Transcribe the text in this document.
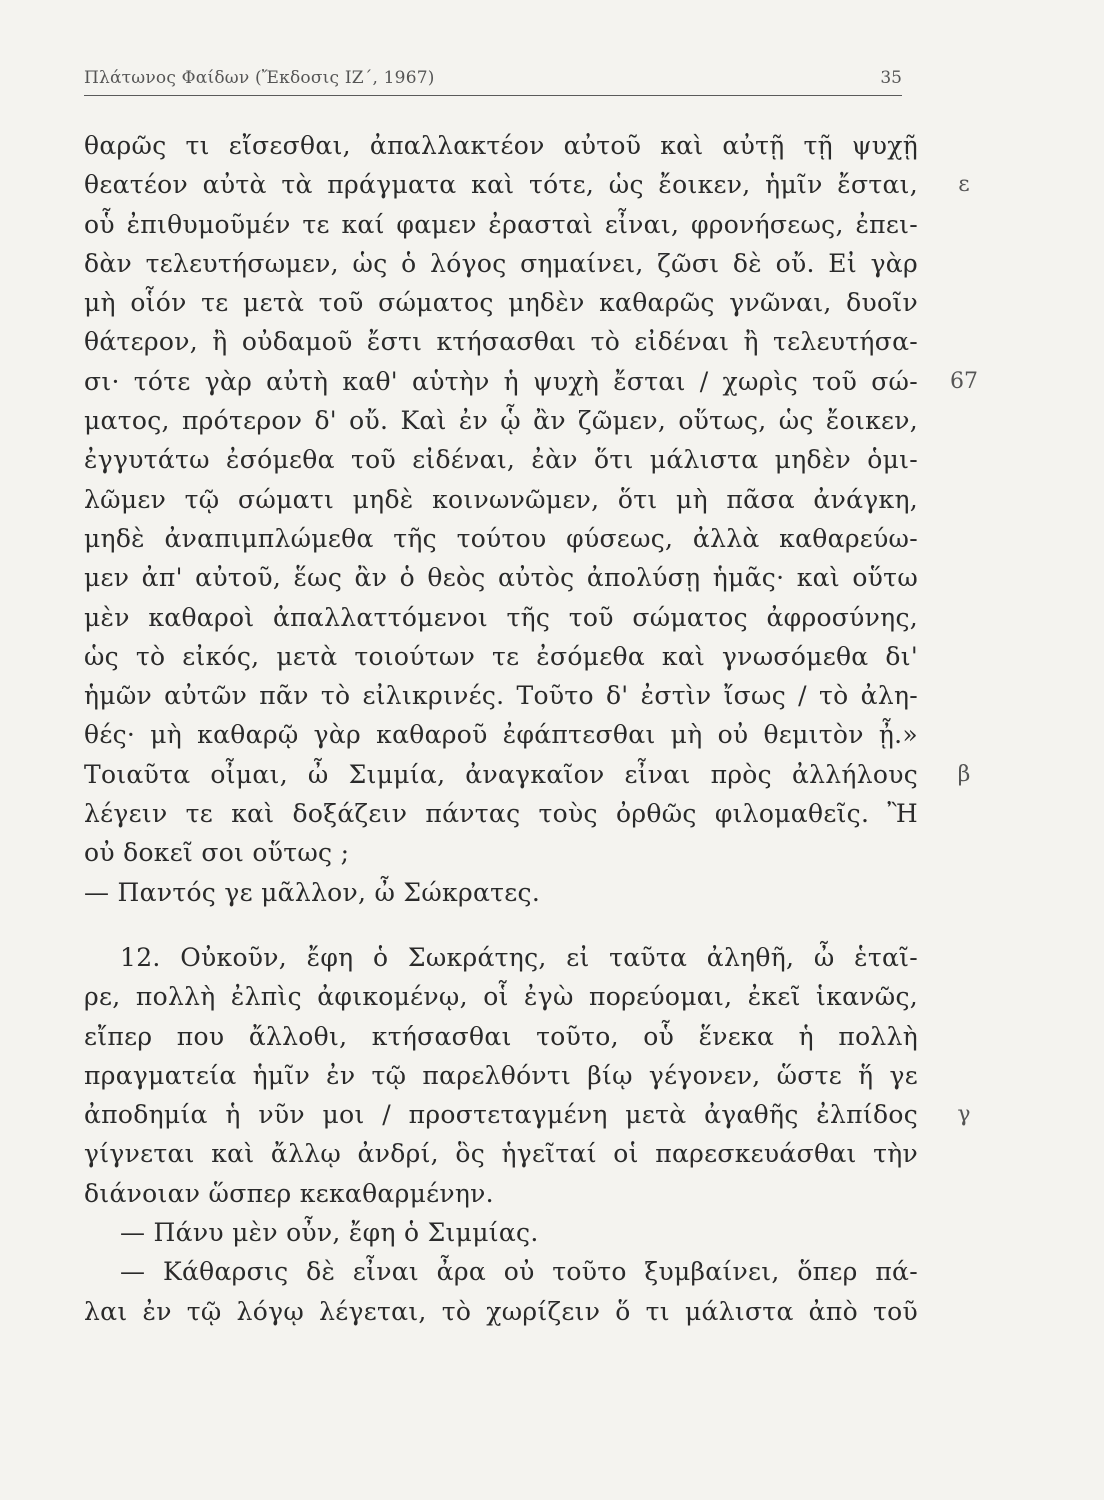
Πλάτωνος Φαίδων (Ἔκδοσις ΙΖ΄, 1967)	35
θαρῶς τι εἴσεσθαι, ἀπαλλακτέον αὐτοῦ καὶ αὐτῇ τῇ ψυχῇ
θεατέον αὐτὰ τὰ πράγματα καὶ τότε, ὡς ἔοικεν, ἡμῖν ἔσται,
οὗ ἐπιθυμοῦμέν τε καί φαμεν ἐρασταὶ εἶναι, φρονήσεως, ἐπει-
δὰν τελευτήσωμεν, ὡς ὁ λόγος σημαίνει, ζῶσι δὲ οὔ. Εἰ γὰρ
μὴ οἷόν τε μετὰ τοῦ σώματος μηδὲν καθαρῶς γνῶναι, δυοῖν
θάτερον, ἢ οὐδαμοῦ ἔστι κτήσασθαι τὸ εἰδέναι ἢ τελευτήσα-
σι· τότε γὰρ αὐτὴ καθ' αὑτὴν ἡ ψυχὴ ἔσται / χωρὶς τοῦ σώ-
ματος, πρότερον δ' οὔ. Καὶ ἐν ᾧ ἂν ζῶμεν, οὕτως, ὡς ἔοικεν,
ἐγγυτάτω ἐσόμεθα τοῦ εἰδέναι, ἐὰν ὅτι μάλιστα μηδὲν ὁμι-
λῶμεν τῷ σώματι μηδὲ κοινωνῶμεν, ὅτι μὴ πᾶσα ἀνάγκη,
μηδὲ ἀναπιμπλώμεθα τῆς τούτου φύσεως, ἀλλὰ καθαρεύω-
μεν ἀπ' αὐτοῦ, ἕως ἂν ὁ θεὸς αὐτὸς ἀπολύσῃ ἡμᾶς· καὶ οὕτω
μὲν καθαροὶ ἀπαλλαττόμενοι τῆς τοῦ σώματος ἀφροσύνης,
ὡς τὸ εἰκός, μετὰ τοιούτων τε ἐσόμεθα καὶ γνωσόμεθα δι'
ἡμῶν αὐτῶν πᾶν τὸ εἰλικρινές. Τοῦτο δ' ἐστὶν ἴσως / τὸ ἀλη-
θές· μὴ καθαρῷ γὰρ καθαροῦ ἐφάπτεσθαι μὴ οὐ θεμιτὸν ᾖ.»
Τοιαῦτα οἶμαι, ὦ Σιμμία, ἀναγκαῖον εἶναι πρὸς ἀλλήλους
λέγειν τε καὶ δοξάζειν πάντας τοὺς ὀρθῶς φιλομαθεῖς. Ἢ
οὐ δοκεῖ σοι οὕτως ;
— Παντός γε μᾶλλον, ὦ Σώκρατες.
12. Οὐκοῦν, ἔφη ὁ Σωκράτης, εἰ ταῦτα ἀληθῆ, ὦ ἑταῖ-
ρε, πολλὴ ἐλπὶς ἀφικομένῳ, οἷ ἐγὼ πορεύομαι, ἐκεῖ ἱκανῶς,
εἴπερ που ἄλλοθι, κτήσασθαι τοῦτο, οὗ ἕνεκα ἡ πολλὴ
πραγματεία ἡμῖν ἐν τῷ παρελθόντι βίῳ γέγονεν, ὥστε ἥ γε
ἀποδημία ἡ νῦν μοι / προστεταγμένη μετὰ ἀγαθῆς ἐλπίδος
γίγνεται καὶ ἄλλῳ ἀνδρί, ὃς ἡγεῖταί οἱ παρεσκευάσθαι τὴν
διάνοιαν ὥσπερ κεκαθαρμένην.
— Πάνυ μὲν οὖν, ἔφη ὁ Σιμμίας.
— Κάθαρσις δὲ εἶναι ἆρα οὐ τοῦτο ξυμβαίνει, ὅπερ πά-
λαι ἐν τῷ λόγῳ λέγεται, τὸ χωρίζειν ὅ τι μάλιστα ἀπὸ τοῦ
ε
67
β
γ
